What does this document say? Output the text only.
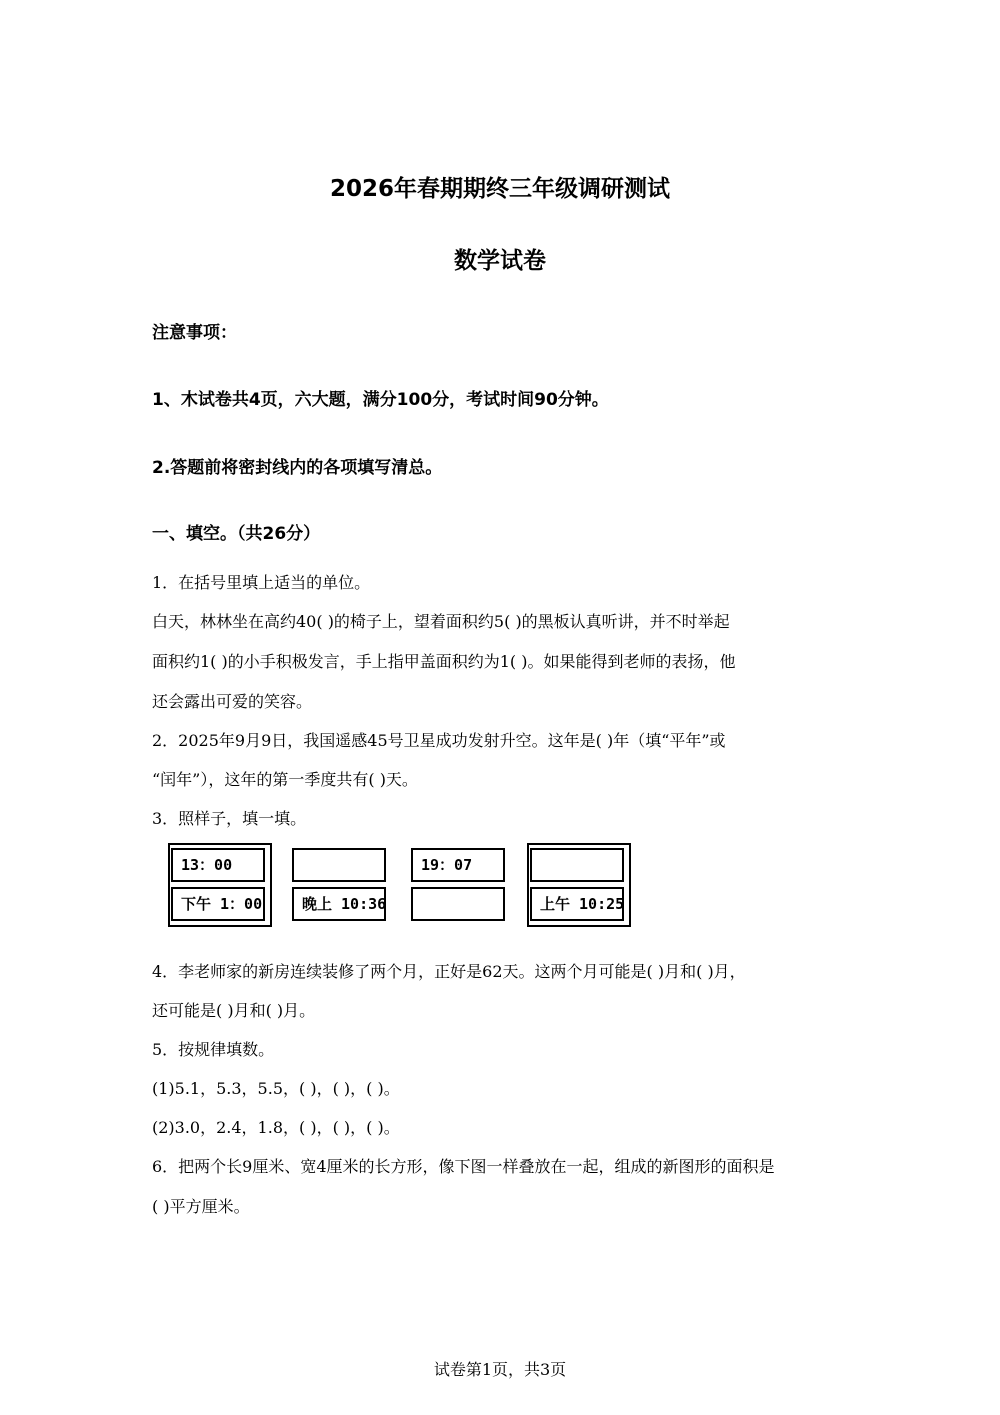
2026年春期期终三年级调研测试
数学试卷
注意事项：
1、木试卷共4页，六大题，满分100分，考试时间90分钟。
2.答题前将密封线内的各项填写清总。
一、填空。（共26分）
1．在括号里填上适当的单位。
白天，林林坐在高约40( )的椅子上，望着面积约5( )的黑板认真听讲，并不时举起
面积约1( )的小手积极发言，手上指甲盖面积约为1( )。如果能得到老师的表扬，他
还会露出可爱的笑容。
2．2025年9月9日，我国遥感45号卫星成功发射升空。这年是( )年（填“平年”或
“闰年”），这年的第一季度共有( )天。
3．照样子，填一填。
13：00
下午 1：00	晚上 10:36
19：07
上午 10:25
4．李老师家的新房连续装修了两个月，正好是62天。这两个月可能是( )月和( )月，
还可能是( )月和( )月。
5．按规律填数。
(1)5.1，5.3，5.5，( )，( )，( )。
(2)3.0，2.4，1.8，( )，( )，( )。
6．把两个长9厘米、宽4厘米的长方形，像下图一样叠放在一起，组成的新图形的面积是
( )平方厘米。
试卷第1页，共3页
